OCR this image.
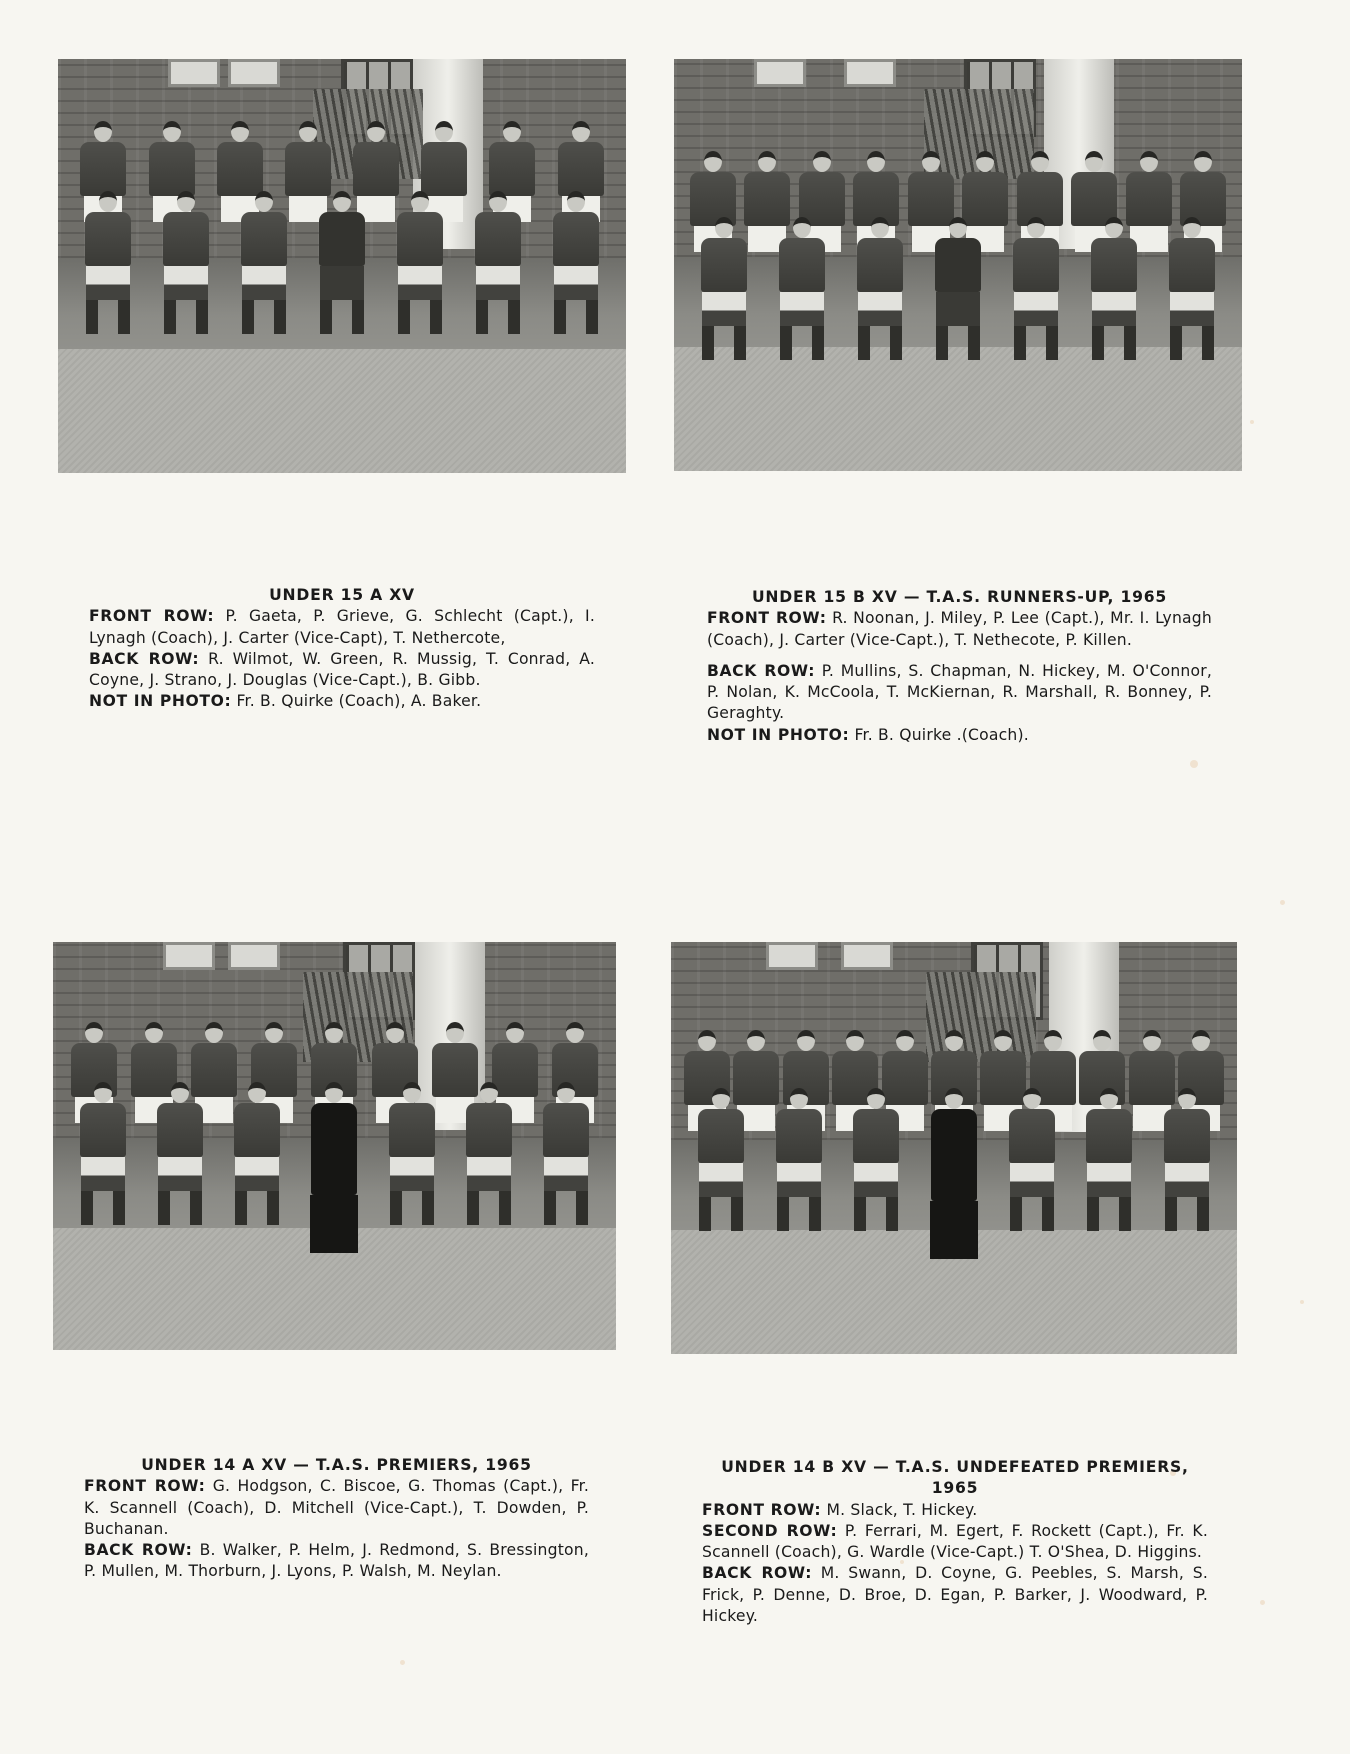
UNDER 15 A XV

FRONT ROW: P. Gaeta, P. Grieve, G. Schlecht (Capt.), I. Lynagh (Coach), J. Carter (Vice-Capt), T. Nethercote,

BACK ROW: R. Wilmot, W. Green, R. Mussig, T. Conrad, A. Coyne, J. Strano, J. Douglas (Vice-Capt.), B. Gibb.

NOT IN PHOTO: Fr. B. Quirke (Coach), A. Baker.

UNDER 15 B XV — T.A.S. RUNNERS-UP, 1965

FRONT ROW: R. Noonan, J. Miley, P. Lee (Capt.), Mr. I. Lynagh (Coach), J. Carter (Vice-Capt.), T. Nethecote, P. Killen.

BACK ROW: P. Mullins, S. Chapman, N. Hickey, M. O'Connor, P. Nolan, K. McCoola, T. McKiernan, R. Marshall, R. Bonney, P. Geraghty.

NOT IN PHOTO: Fr. B. Quirke .(Coach).

UNDER 14 A XV — T.A.S. PREMIERS, 1965

FRONT ROW: G. Hodgson, C. Biscoe, G. Thomas (Capt.), Fr. K. Scannell (Coach), D. Mitchell (Vice-Capt.), T. Dowden, P. Buchanan.

BACK ROW: B. Walker, P. Helm, J. Redmond, S. Bressington, P. Mullen, M. Thorburn, J. Lyons, P. Walsh, M. Neylan.

UNDER 14 B XV — T.A.S. UNDEFEATED PREMIERS, 1965

FRONT ROW: M. Slack, T. Hickey.

SECOND ROW: P. Ferrari, M. Egert, F. Rockett (Capt.), Fr. K. Scannell (Coach), G. Wardle (Vice-Capt.) T. O'Shea, D. Higgins.

BACK ROW: M. Swann, D. Coyne, G. Peebles, S. Marsh, S. Frick, P. Denne, D. Broe, D. Egan, P. Barker, J. Woodward, P. Hickey.
